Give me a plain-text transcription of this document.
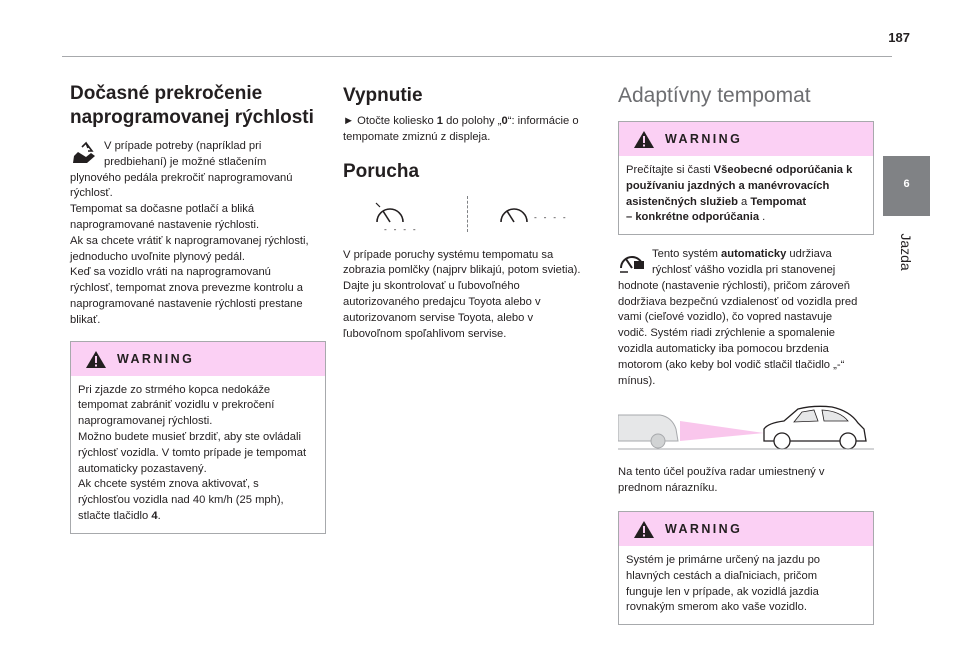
187
6
Jazda
Dočasné prekročenie
naprogramovanej rýchlosti

V prípade potreby (napríklad pri
predbiehaní) je možné stlačením
plynového pedála prekročiť naprogramovanú
rýchlosť.
Tempomat sa dočasne potlačí a bliká
naprogramované nastavenie rýchlosti.
Ak sa chcete vrátiť k naprogramovanej rýchlosti,
jednoducho uvoľnite plynový pedál.
Keď sa vozidlo vráti na naprogramovanú
rýchlosť, tempomat znova prevezme kontrolu a
naprogramované nastavenie rýchlosti prestane
blikať.

WARNING
Pri zjazde zo strmého kopca nedokáže
tempomat zabrániť vozidlu v prekročení
naprogramovanej rýchlosti.
Možno budete musieť brzdiť, aby ste ovládali
rýchlosť vozidla. V tomto prípade je tempomat
automaticky pozastavený.
Ak chcete systém znova aktivovať, s
rýchlosťou vozidla nad 40 km/h (25 mph),
stlačte tlačidlo 4.
Vypnutie

► Otočte koliesko 1 do polohy „0“: informácie o
tempomate zmiznú z displeja.

Porucha
- - - -
- - - -

V prípade poruchy systému tempomatu sa
zobrazia pomlčky (najprv blikajú, potom svietia).
Dajte ju skontrolovať u ľubovoľného
autorizovaného predajcu Toyota alebo v
autorizovanom servise Toyota, alebo v
ľubovoľnom spoľahlivom servise.

Adaptívny tempomat
WARNING
Prečítajte si časti Všeobecné odporúčania k
používaniu jazdných a manévrovacích
asistenčných služieb a Tempomat
– konkrétne odporúčania .

Tento systém automaticky udržiava
rýchlosť vášho vozidla pri stanovenej
hodnote (nastavenie rýchlosti), pričom zároveň
dodržiava bezpečnú vzdialenosť od vozidla pred
vami (cieľové vozidlo), čo vopred nastavuje
vodič. Systém riadi zrýchlenie a spomalenie
vozidla automaticky iba pomocou brzdenia
motorom (ako keby bol vodič stlačil tlačidlo „-“
mínus).

Na tento účel používa radar umiestnený v
prednom nárazníku.

WARNING
Systém je primárne určený na jazdu po
hlavných cestách a diaľniciach, pričom
funguje len v prípade, ak vozidlá jazdia
rovnakým smerom ako vaše vozidlo.
